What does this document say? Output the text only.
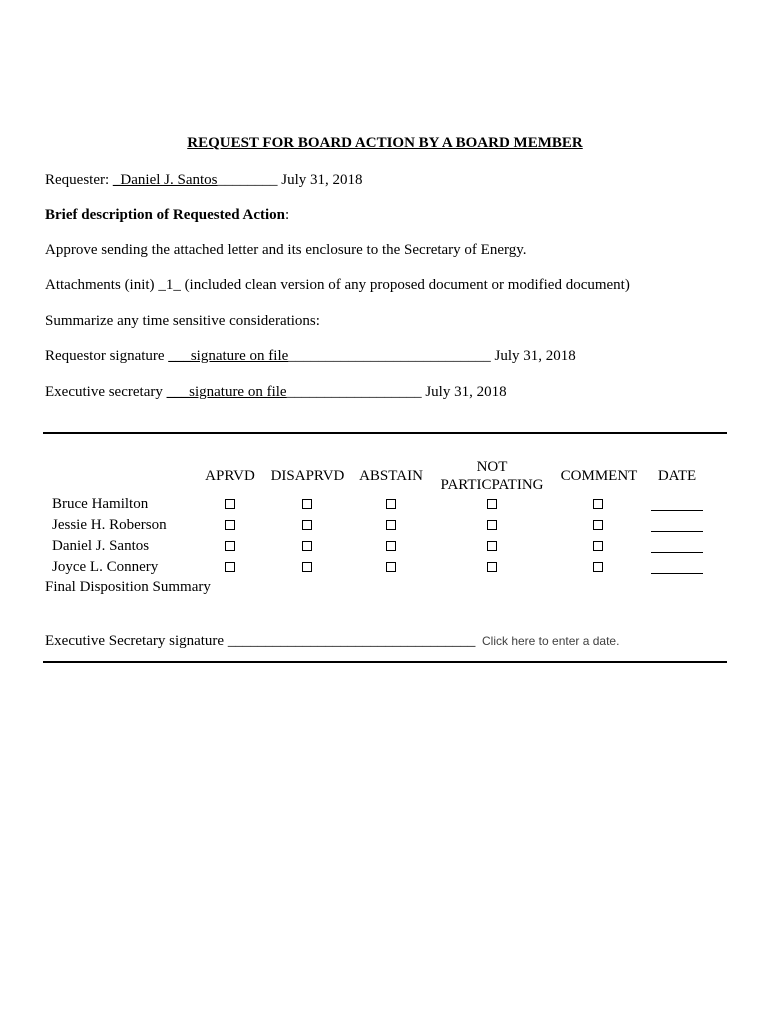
REQUEST FOR BOARD ACTION BY A BOARD MEMBER
Requester: _Daniel J. Santos________ July 31, 2018
Brief description of Requested Action:
Approve sending the attached letter and its enclosure to the Secretary of Energy.
Attachments (init) _1_ (included clean version of any proposed document or modified document)
Summarize any time sensitive considerations:
Requestor signature ___signature on file___________________________ July 31, 2018
Executive secretary ___signature on file__________________ July 31, 2018
APRVD	DISAPRVD ABSTAIN
NOT
PARTICPATING
COMMENT	DATE
Bruce Hamilton
Jessie H. Roberson
Daniel J. Santos
Joyce L. Connery
Final Disposition Summary
Executive Secretary signature _________________________________ Click here to enter a date.
